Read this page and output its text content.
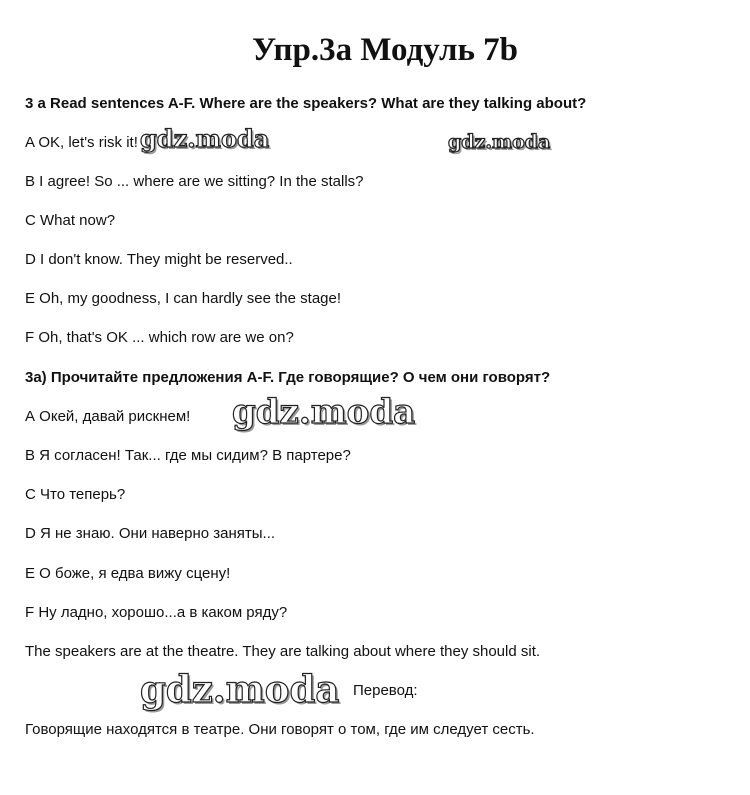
Упр.3а Модуль 7b

3 a Read sentences A-F. Where are the speakers? What are they talking about?

A OK, let's risk it!

B I agree! So ... where are we sitting? In the stalls?

C What now?

D I don't know. They might be reserved..

E Oh, my goodness, I can hardly see the stage!

F Oh, that's OK ... which row are we on?

3а) Прочитайте предложения A-F. Где говорящие? О чем они говорят?

А Окей, давай рискнем!

В Я согласен! Так... где мы сидим? В партере?

С Что теперь?

D Я не знаю. Они наверно заняты...

Е О боже, я едва вижу сцену!

F Ну ладно, хорошо...а в каком ряду?

The speakers are at the theatre. They are talking about where they should sit.

Перевод:

Говорящие находятся в театре. Они говорят о том, где им следует сесть.

gdz.moda	gdz.moda
gdz.moda
gdz.moda
